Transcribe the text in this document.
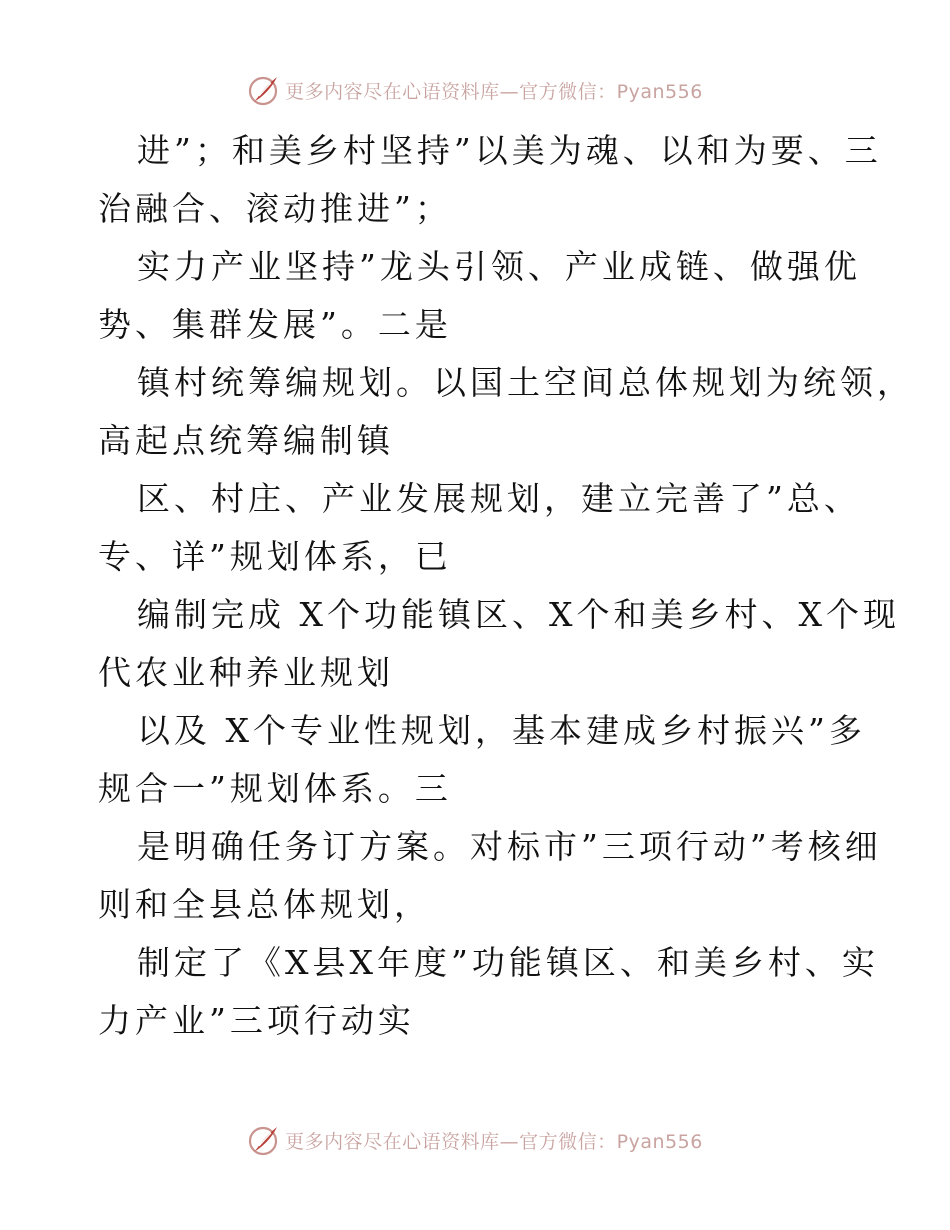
更多内容尽在心语资料库—官方微信：Pyan556
进”；和美乡村坚持”以美为魂、以和为要、三
治融合、滚动推进”；
实力产业坚持”龙头引领、产业成链、做强优
势、集群发展”。二是
镇村统筹编规划。以国土空间总体规划为统领，
高起点统筹编制镇
区、村庄、产业发展规划，建立完善了”总、
专、详”规划体系，已
编制完成 X个功能镇区、X个和美乡村、X个现
代农业种养业规划
以及 X个专业性规划，基本建成乡村振兴”多
规合一”规划体系。三
是明确任务订方案。对标市”三项行动”考核细
则和全县总体规划，
制定了《X县X年度”功能镇区、和美乡村、实
力产业”三项行动实
更多内容尽在心语资料库—官方微信：Pyan556
